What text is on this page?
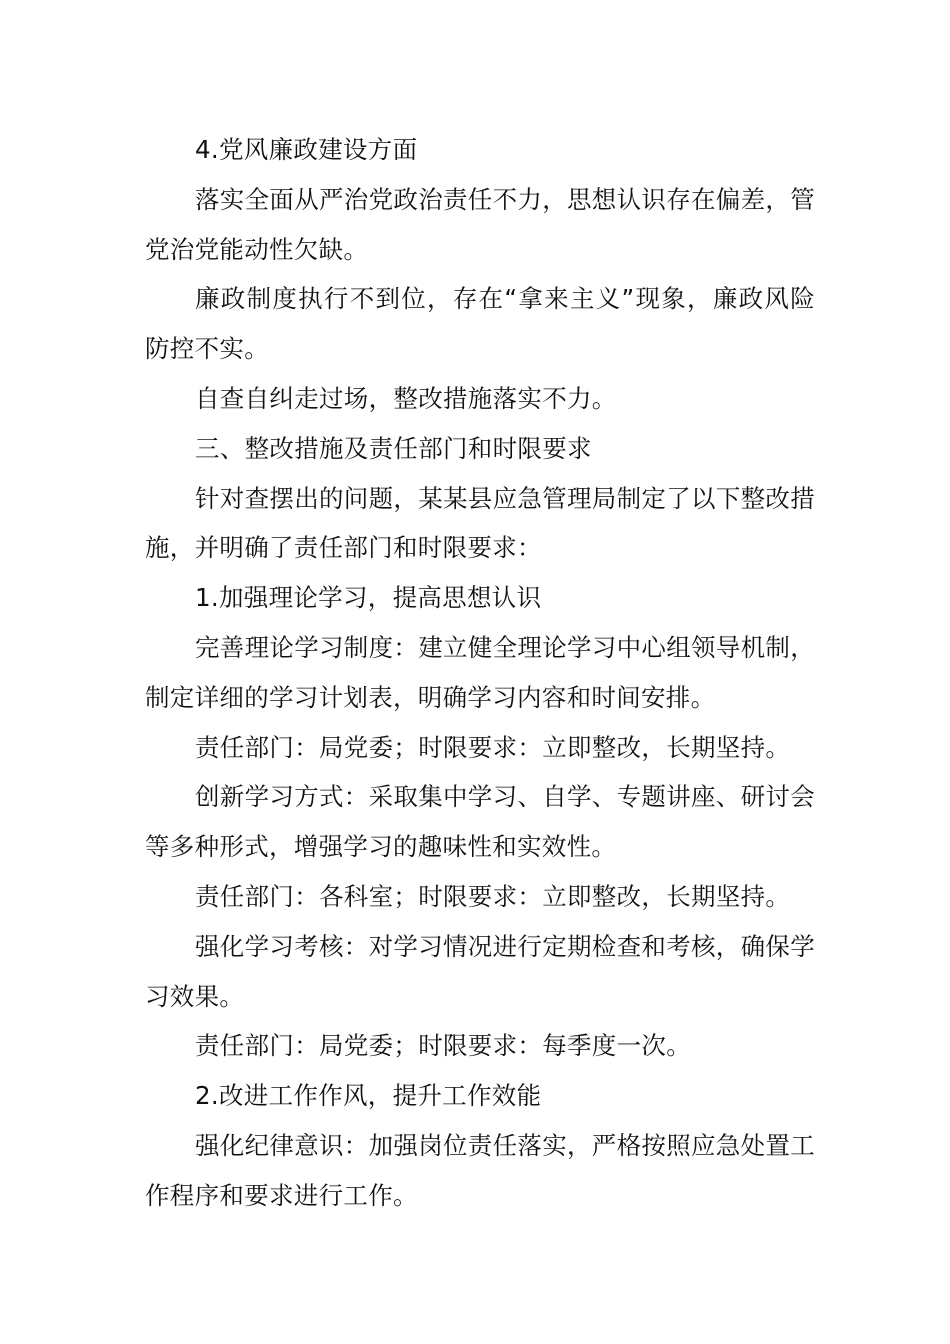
4.党风廉政建设方面

落实全面从严治党政治责任不力，思想认识存在偏差，管党治党能动性欠缺。

廉政制度执行不到位，存在“拿来主义”现象，廉政风险防控不实。

自查自纠走过场，整改措施落实不力。

三、整改措施及责任部门和时限要求

针对查摆出的问题，某某县应急管理局制定了以下整改措施，并明确了责任部门和时限要求：

1.加强理论学习，提高思想认识

完善理论学习制度：建立健全理论学习中心组领导机制，制定详细的学习计划表，明确学习内容和时间安排。

责任部门：局党委；时限要求：立即整改，长期坚持。

创新学习方式：采取集中学习、自学、专题讲座、研讨会等多种形式，增强学习的趣味性和实效性。

责任部门：各科室；时限要求：立即整改，长期坚持。

强化学习考核：对学习情况进行定期检查和考核，确保学习效果。

责任部门：局党委；时限要求：每季度一次。

2.改进工作作风，提升工作效能

强化纪律意识：加强岗位责任落实，严格按照应急处置工作程序和要求进行工作。
